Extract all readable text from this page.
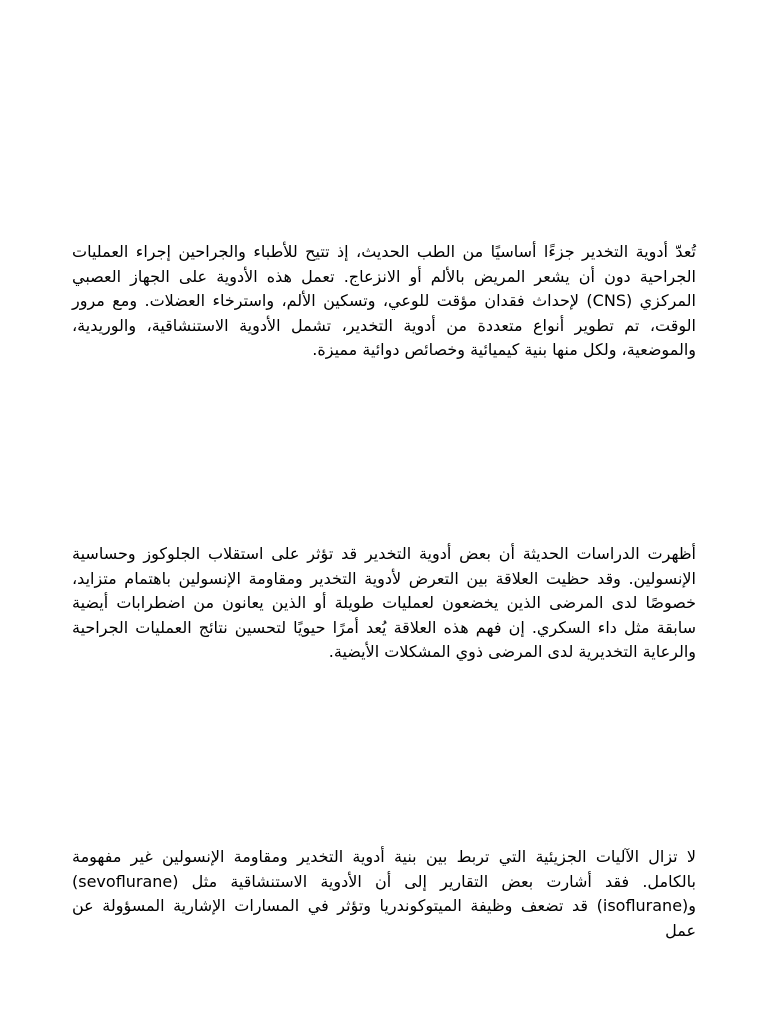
تُعدّ أدوية التخدير جزءًا أساسيًا من الطب الحديث، إذ تتيح للأطباء والجراحين إجراء العمليات الجراحية دون أن يشعر المريض بالألم أو الانزعاج. تعمل هذه الأدوية على الجهاز العصبي المركزي (CNS) لإحداث فقدان مؤقت للوعي، وتسكين الألم، واسترخاء العضلات. ومع مرور الوقت، تم تطوير أنواع متعددة من أدوية التخدير، تشمل الأدوية الاستنشاقية، والوريدية، والموضعية، ولكل منها بنية كيميائية وخصائص دوائية مميزة.

أظهرت الدراسات الحديثة أن بعض أدوية التخدير قد تؤثر على استقلاب الجلوكوز وحساسية الإنسولين. وقد حظيت العلاقة بين التعرض لأدوية التخدير ومقاومة الإنسولين باهتمام متزايد، خصوصًا لدى المرضى الذين يخضعون لعمليات طويلة أو الذين يعانون من اضطرابات أيضية سابقة مثل داء السكري. إن فهم هذه العلاقة يُعد أمرًا حيويًا لتحسين نتائج العمليات الجراحية والرعاية التخديرية لدى المرضى ذوي المشكلات الأيضية.

لا تزال الآليات الجزيئية التي تربط بين بنية أدوية التخدير ومقاومة الإنسولين غير مفهومة بالكامل. فقد أشارت بعض التقارير إلى أن الأدوية الاستنشاقية مثل (sevoflurane) و(isoflurane) قد تضعف وظيفة الميتوكوندريا وتؤثر في المسارات الإشارية المسؤولة عن عمل
